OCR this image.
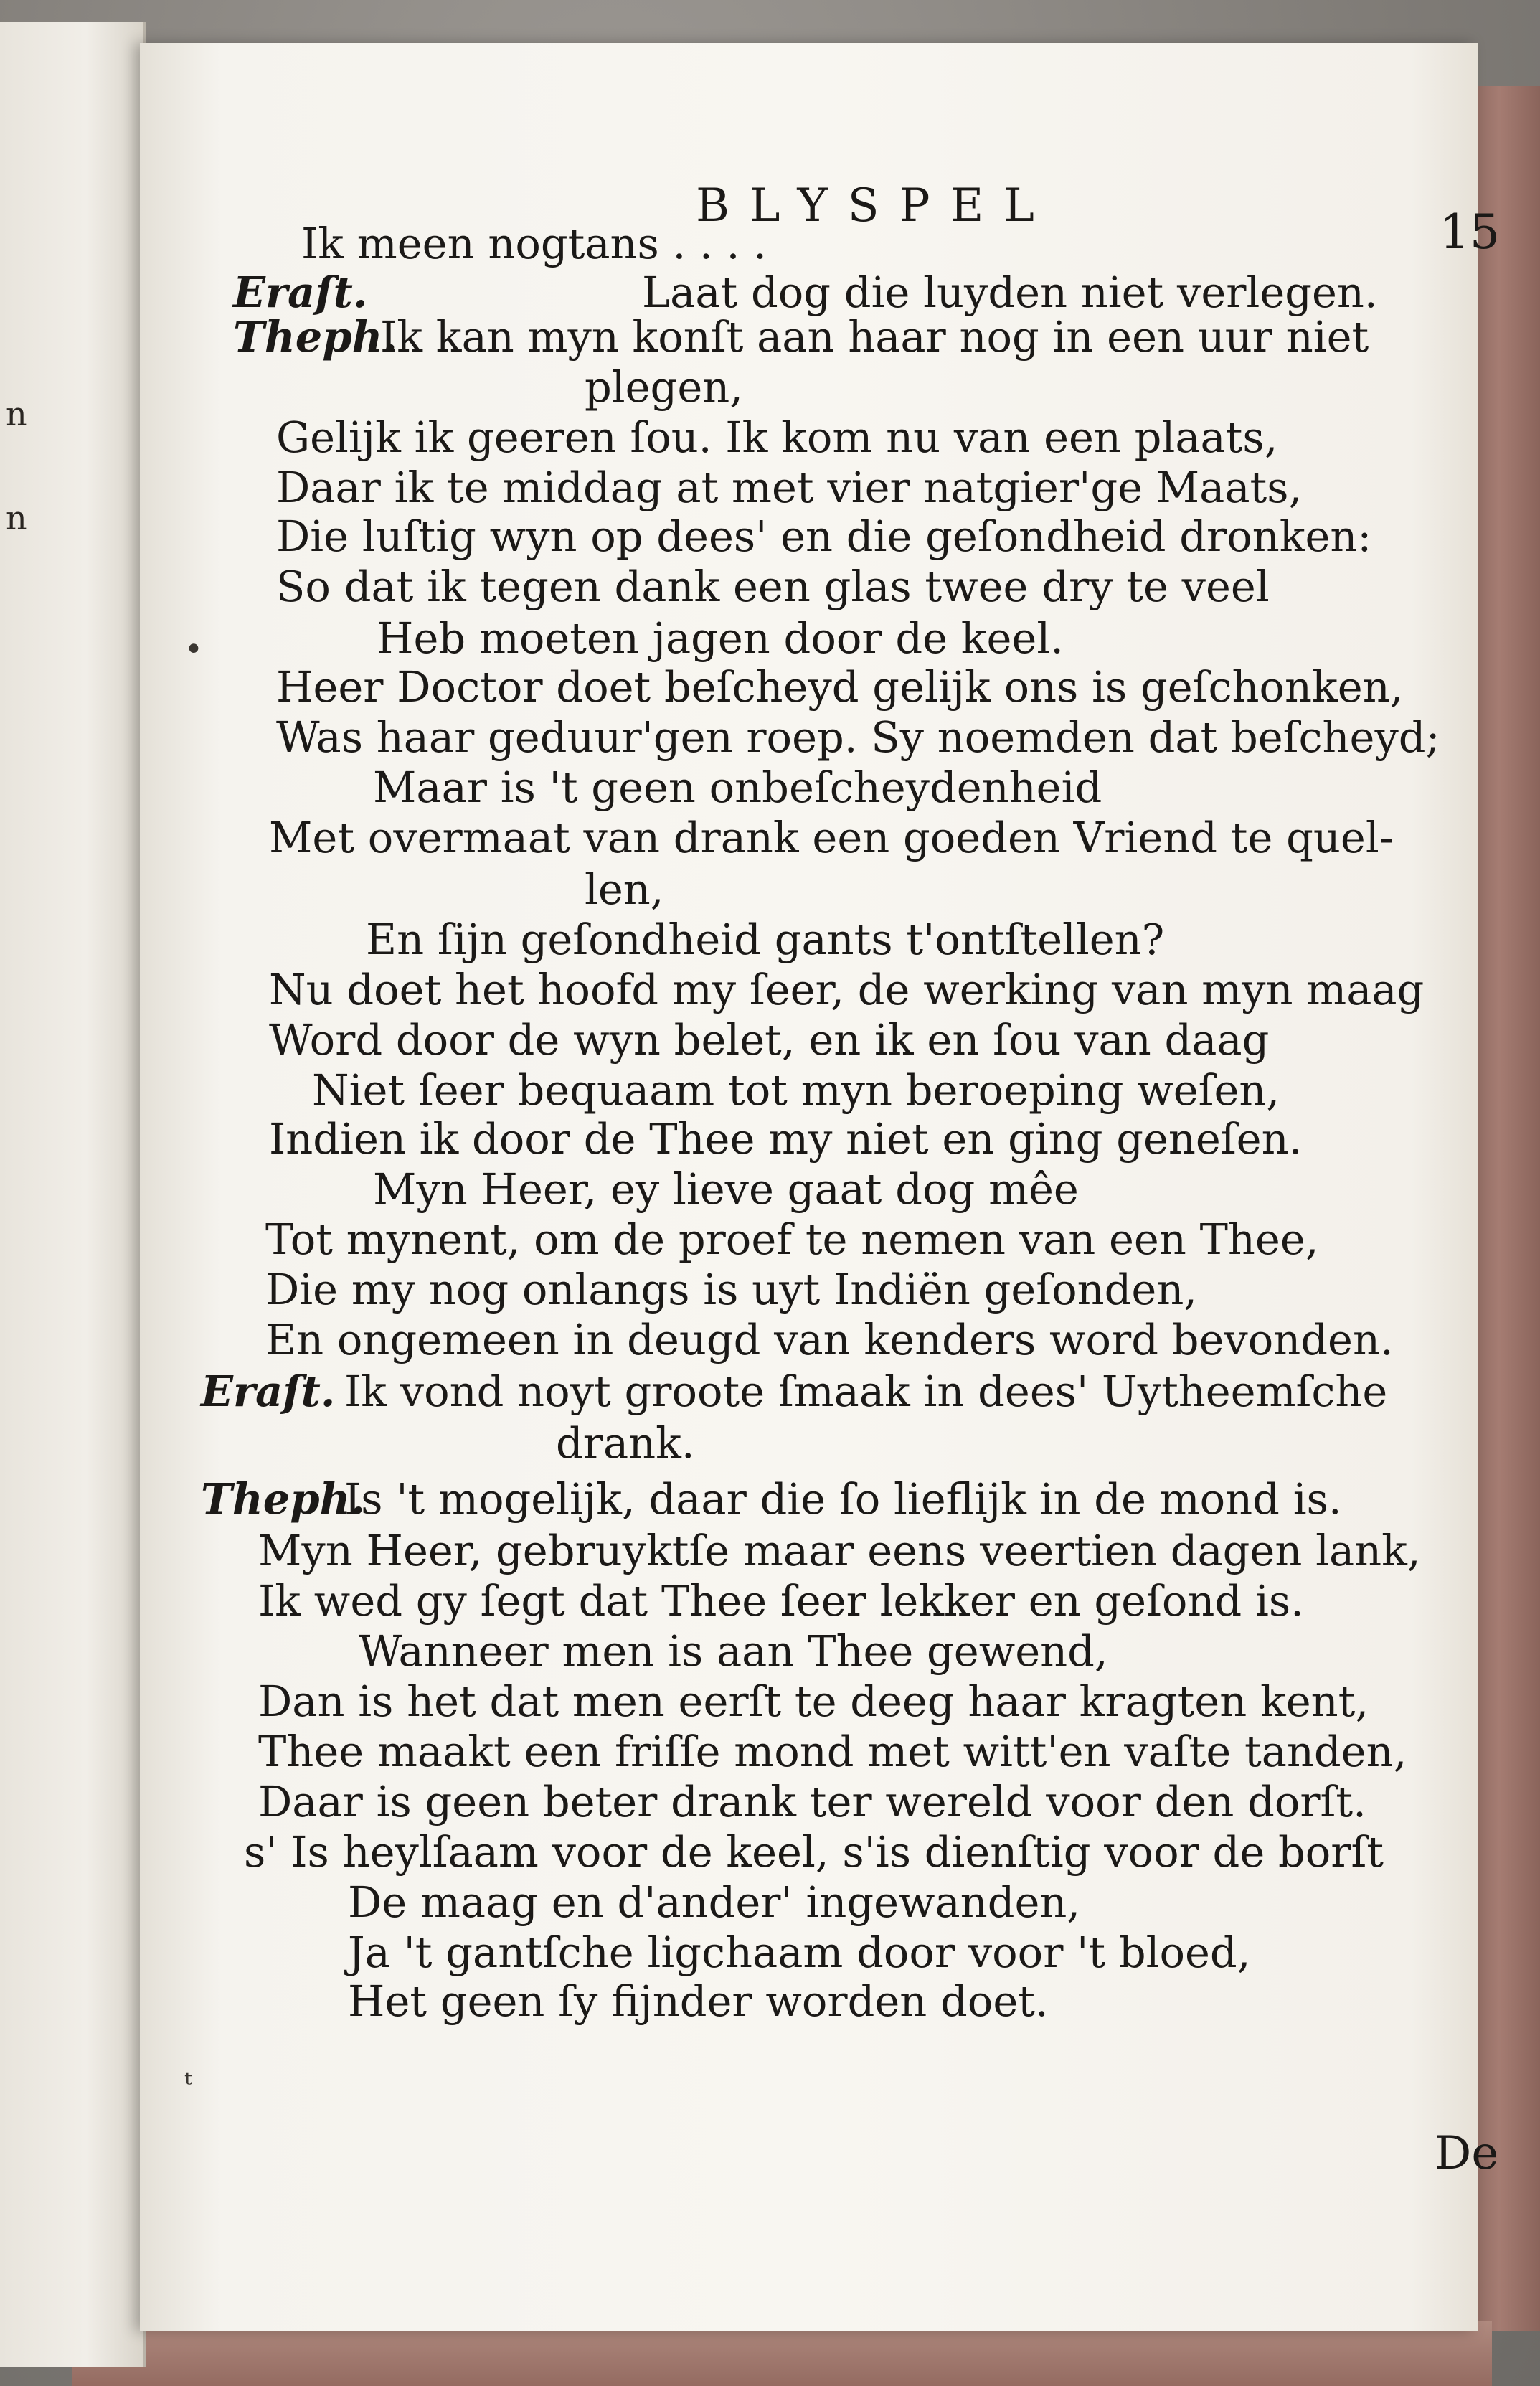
n
n
BLYSPEL	15
Ik meen nogtans . . . .
Eraſt.	Laat dog die luyden niet verlegen.
Theph.
Ik kan myn konſt aan haar nog in een uur niet
plegen,
Gelijk ik geeren ſou. Ik kom nu van een plaats,
Daar ik te middag at met vier natgier'ge Maats,
Die luſtig wyn op dees' en die geſondheid dronken:
So dat ik tegen dank een glas twee dry te veel
Heb moeten jagen door de keel.
Heer Doctor doet beſcheyd gelijk ons is geſchonken,
Was haar geduur'gen roep. Sy noemden dat beſcheyd;
Maar is 't geen onbeſcheydenheid
Met overmaat van drank een goeden Vriend te quel-
len,
En ſijn geſondheid gants t'ontſtellen?
Nu doet het hoofd my ſeer, de werking van myn maag
Word door de wyn belet, en ik en ſou van daag
Niet ſeer bequaam tot myn beroeping weſen,
Indien ik door de Thee my niet en ging geneſen.
Myn Heer, ey lieve gaat dog mêe
Tot mynent, om de proef te nemen van een Thee,
Die my nog onlangs is uyt Indiën geſonden,
En ongemeen in deugd van kenders word bevonden.
Eraſt. Ik vond noyt groote ſmaak in dees' Uytheemſche
drank.
Theph.
Is 't mogelijk, daar die ſo lieflijk in de mond is.
Myn Heer, gebruyktſe maar eens veertien dagen lank,
Ik wed gy ſegt dat Thee ſeer lekker en geſond is.
Wanneer men is aan Thee gewend,
Dan is het dat men eerſt te deeg haar kragten kent,
Thee maakt een friſſe mond met witt'en vaſte tanden,
Daar is geen beter drank ter wereld voor den dorſt.
s' Is heylſaam voor de keel, s'is dienſtig voor de borſt
De maag en d'ander' ingewanden,
Ja 't gantſche ligchaam door voor 't bloed,
Het geen ſy fijnder worden doet.
De
•
ᵗ
